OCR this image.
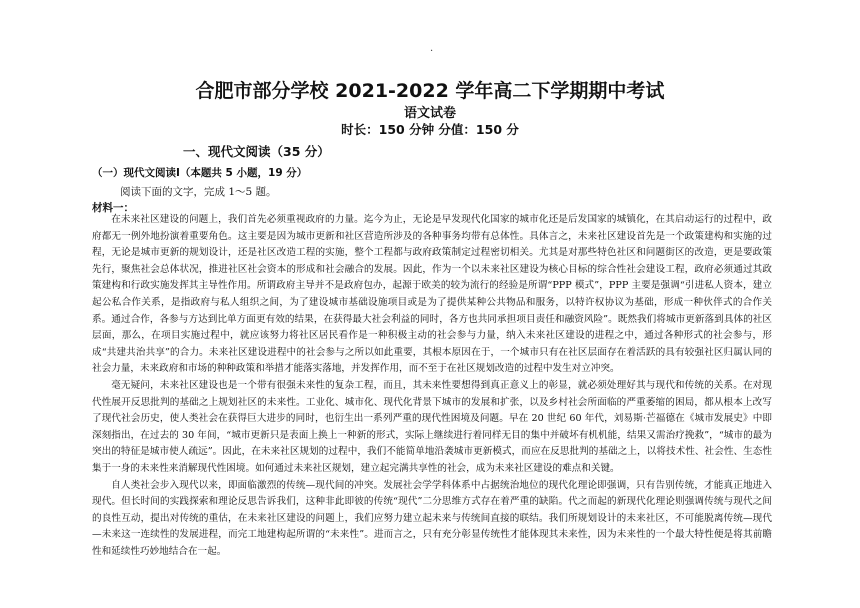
·
合肥市部分学校 2021-2022 学年高二下学期期中考试
语文试卷
时长：150 分钟 分值：150 分
一、现代文阅读（35 分）
（一）现代文阅读Ⅰ（本题共 5 小题，19 分）
阅读下面的文字，完成 1～5 题。
材料一：

在未来社区建设的问题上，我们首先必须重视政府的力量。迄今为止，无论是早发现代化国家的城市化还是后发国家的城镇化，在其启动运行的过程中，政府都无一例外地扮演着重要角色。这主要是因为城市更新和社区营造所涉及的各种事务均带有总体性。具体言之，未来社区建设首先是一个政策建构和实施的过程，无论是城市更新的规划设计，还是社区改造工程的实施，整个工程都与政府政策制定过程密切相关。尤其是对那些特色社区和问题街区的改造，更是要政策先行，聚焦社会总体状况，推进社区社会资本的形成和社会融合的发展。因此，作为一个以未来社区建设为核心目标的综合性社会建设工程，政府必须通过其政策建构和行政实施发挥其主导性作用。所谓政府主导并不是政府包办，起源于欧美的较为流行的经验是所谓“PPP 模式”，PPP 主要是强调“引进私人资本，建立起公私合作关系，是指政府与私人组织之间，为了建设城市基础设施项目或是为了提供某种公共物品和服务，以特许权协议为基础，形成一种伙伴式的合作关系。通过合作，各参与方达到比单方面更有效的结果，在获得最大社会利益的同时，各方也共同承担项目责任和融资风险”。既然我们将城市更新落到具体的社区层面，那么，在项目实施过程中，就应该努力将社区居民看作是一种积极主动的社会参与力量，纳入未来社区建设的进程之中，通过各种形式的社会参与，形成“共建共治共享”的合力。未来社区建设进程中的社会参与之所以如此重要，其根本原因在于，一个城市只有在社区层面存在着活跃的具有较强社区归属认同的社会力量，未来政府和市场的种种政策和举措才能落实落地，并发挥作用，而不至于在社区规划改造的过程中发生对立冲突。

毫无疑问，未来社区建设也是一个带有很强未来性的复杂工程，而且，其未来性要想得到真正意义上的彰显，就必须处理好其与现代和传统的关系。在对现代性展开反思批判的基础之上规划社区的未来性。工业化、城市化、现代化背景下城市的发展和扩张，以及乡村社会所面临的严重萎缩的困局，都从根本上改写了现代社会历史，使人类社会在获得巨大进步的同时，也衍生出一系列严重的现代性困境及问题。早在 20 世纪 60 年代，刘易斯·芒福德在《城市发展史》中即深刻指出，在过去的 30 年间，“城市更新只是表面上换上一种新的形式，实际上继续进行着同样无目的集中并破坏有机机能，结果又需治疗挽救”，“城市的最为突出的特征是城市使人疏远”。因此，在未来社区规划的过程中，我们不能简单地沿袭城市更新模式，而应在反思批判的基础之上，以将技术性、社会性、生态性集于一身的未来性来消解现代性困境。如何通过未来社区规划，建立起完满共享性的社会，成为未来社区建设的难点和关键。

自人类社会步入现代以来，即面临激烈的传统—现代间的冲突。发展社会学学科体系中占据统治地位的现代化理论即强调，只有告别传统，才能真正地进入现代。但长时间的实践探索和理论反思告诉我们，这种非此即彼的传统“现代”二分思维方式存在着严重的缺陷。代之而起的新现代化理论则强调传统与现代之间的良性互动，提出对传统的重估，在未来社区建设的问题上，我们应努力建立起未来与传统间直接的联结。我们所规划设计的未来社区，不可能脱离传统—现代—未来这一连续性的发展进程，而完工地建构起所谓的“未来性”。进而言之，只有充分彰显传统性才能体现其未来性，因为未来性的一个最大特性便是将其前瞻性和延续性巧妙地结合在一起。
